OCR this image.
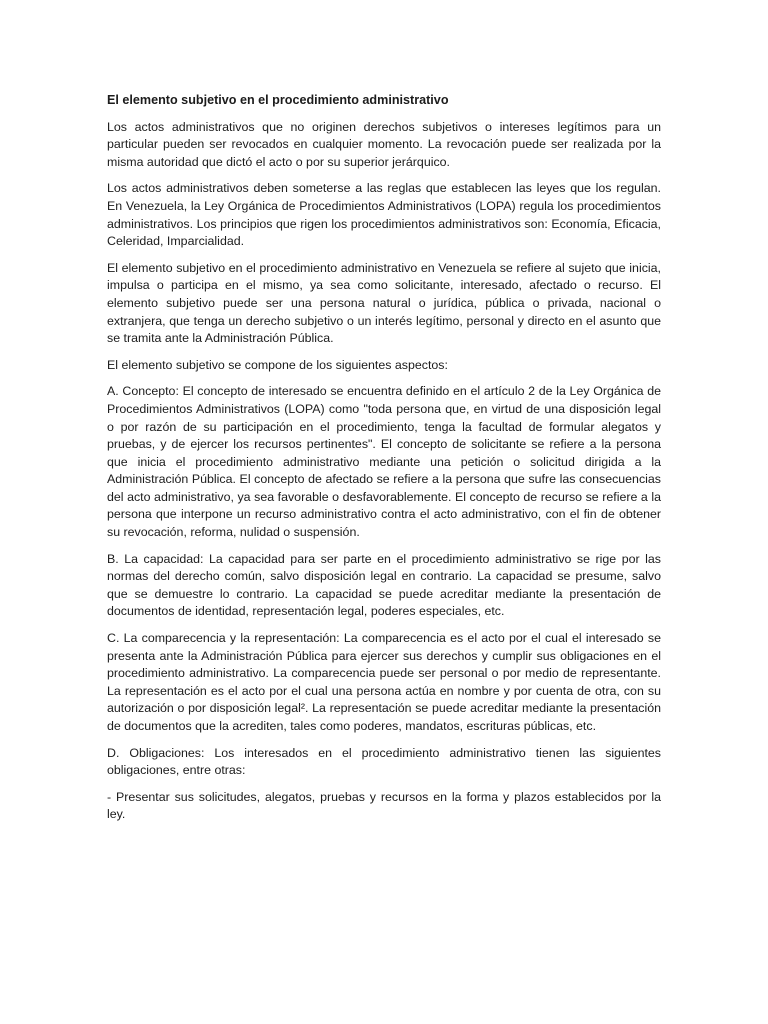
El elemento subjetivo en el procedimiento administrativo

Los actos administrativos que no originen derechos subjetivos o intereses legítimos para un particular pueden ser revocados en cualquier momento. La revocación puede ser realizada por la misma autoridad que dictó el acto o por su superior jerárquico.

Los actos administrativos deben someterse a las reglas que establecen las leyes que los regulan. En Venezuela, la Ley Orgánica de Procedimientos Administrativos (LOPA) regula los procedimientos administrativos. Los principios que rigen los procedimientos administrativos son: Economía, Eficacia, Celeridad, Imparcialidad.

El elemento subjetivo en el procedimiento administrativo en Venezuela se refiere al sujeto que inicia, impulsa o participa en el mismo, ya sea como solicitante, interesado, afectado o recurso. El elemento subjetivo puede ser una persona natural o jurídica, pública o privada, nacional o extranjera, que tenga un derecho subjetivo o un interés legítimo, personal y directo en el asunto que se tramita ante la Administración Pública.

El elemento subjetivo se compone de los siguientes aspectos:

A. Concepto: El concepto de interesado se encuentra definido en el artículo 2 de la Ley Orgánica de Procedimientos Administrativos (LOPA) como "toda persona que, en virtud de una disposición legal o por razón de su participación en el procedimiento, tenga la facultad de formular alegatos y pruebas, y de ejercer los recursos pertinentes". El concepto de solicitante se refiere a la persona que inicia el procedimiento administrativo mediante una petición o solicitud dirigida a la Administración Pública. El concepto de afectado se refiere a la persona que sufre las consecuencias del acto administrativo, ya sea favorable o desfavorablemente. El concepto de recurso se refiere a la persona que interpone un recurso administrativo contra el acto administrativo, con el fin de obtener su revocación, reforma, nulidad o suspensión.

B. La capacidad: La capacidad para ser parte en el procedimiento administrativo se rige por las normas del derecho común, salvo disposición legal en contrario. La capacidad se presume, salvo que se demuestre lo contrario. La capacidad se puede acreditar mediante la presentación de documentos de identidad, representación legal, poderes especiales, etc.

C. La comparecencia y la representación: La comparecencia es el acto por el cual el interesado se presenta ante la Administración Pública para ejercer sus derechos y cumplir sus obligaciones en el procedimiento administrativo. La comparecencia puede ser personal o por medio de representante. La representación es el acto por el cual una persona actúa en nombre y por cuenta de otra, con su autorización o por disposición legal². La representación se puede acreditar mediante la presentación de documentos que la acrediten, tales como poderes, mandatos, escrituras públicas, etc.

D. Obligaciones: Los interesados en el procedimiento administrativo tienen las siguientes obligaciones, entre otras:

- Presentar sus solicitudes, alegatos, pruebas y recursos en la forma y plazos establecidos por la ley.
